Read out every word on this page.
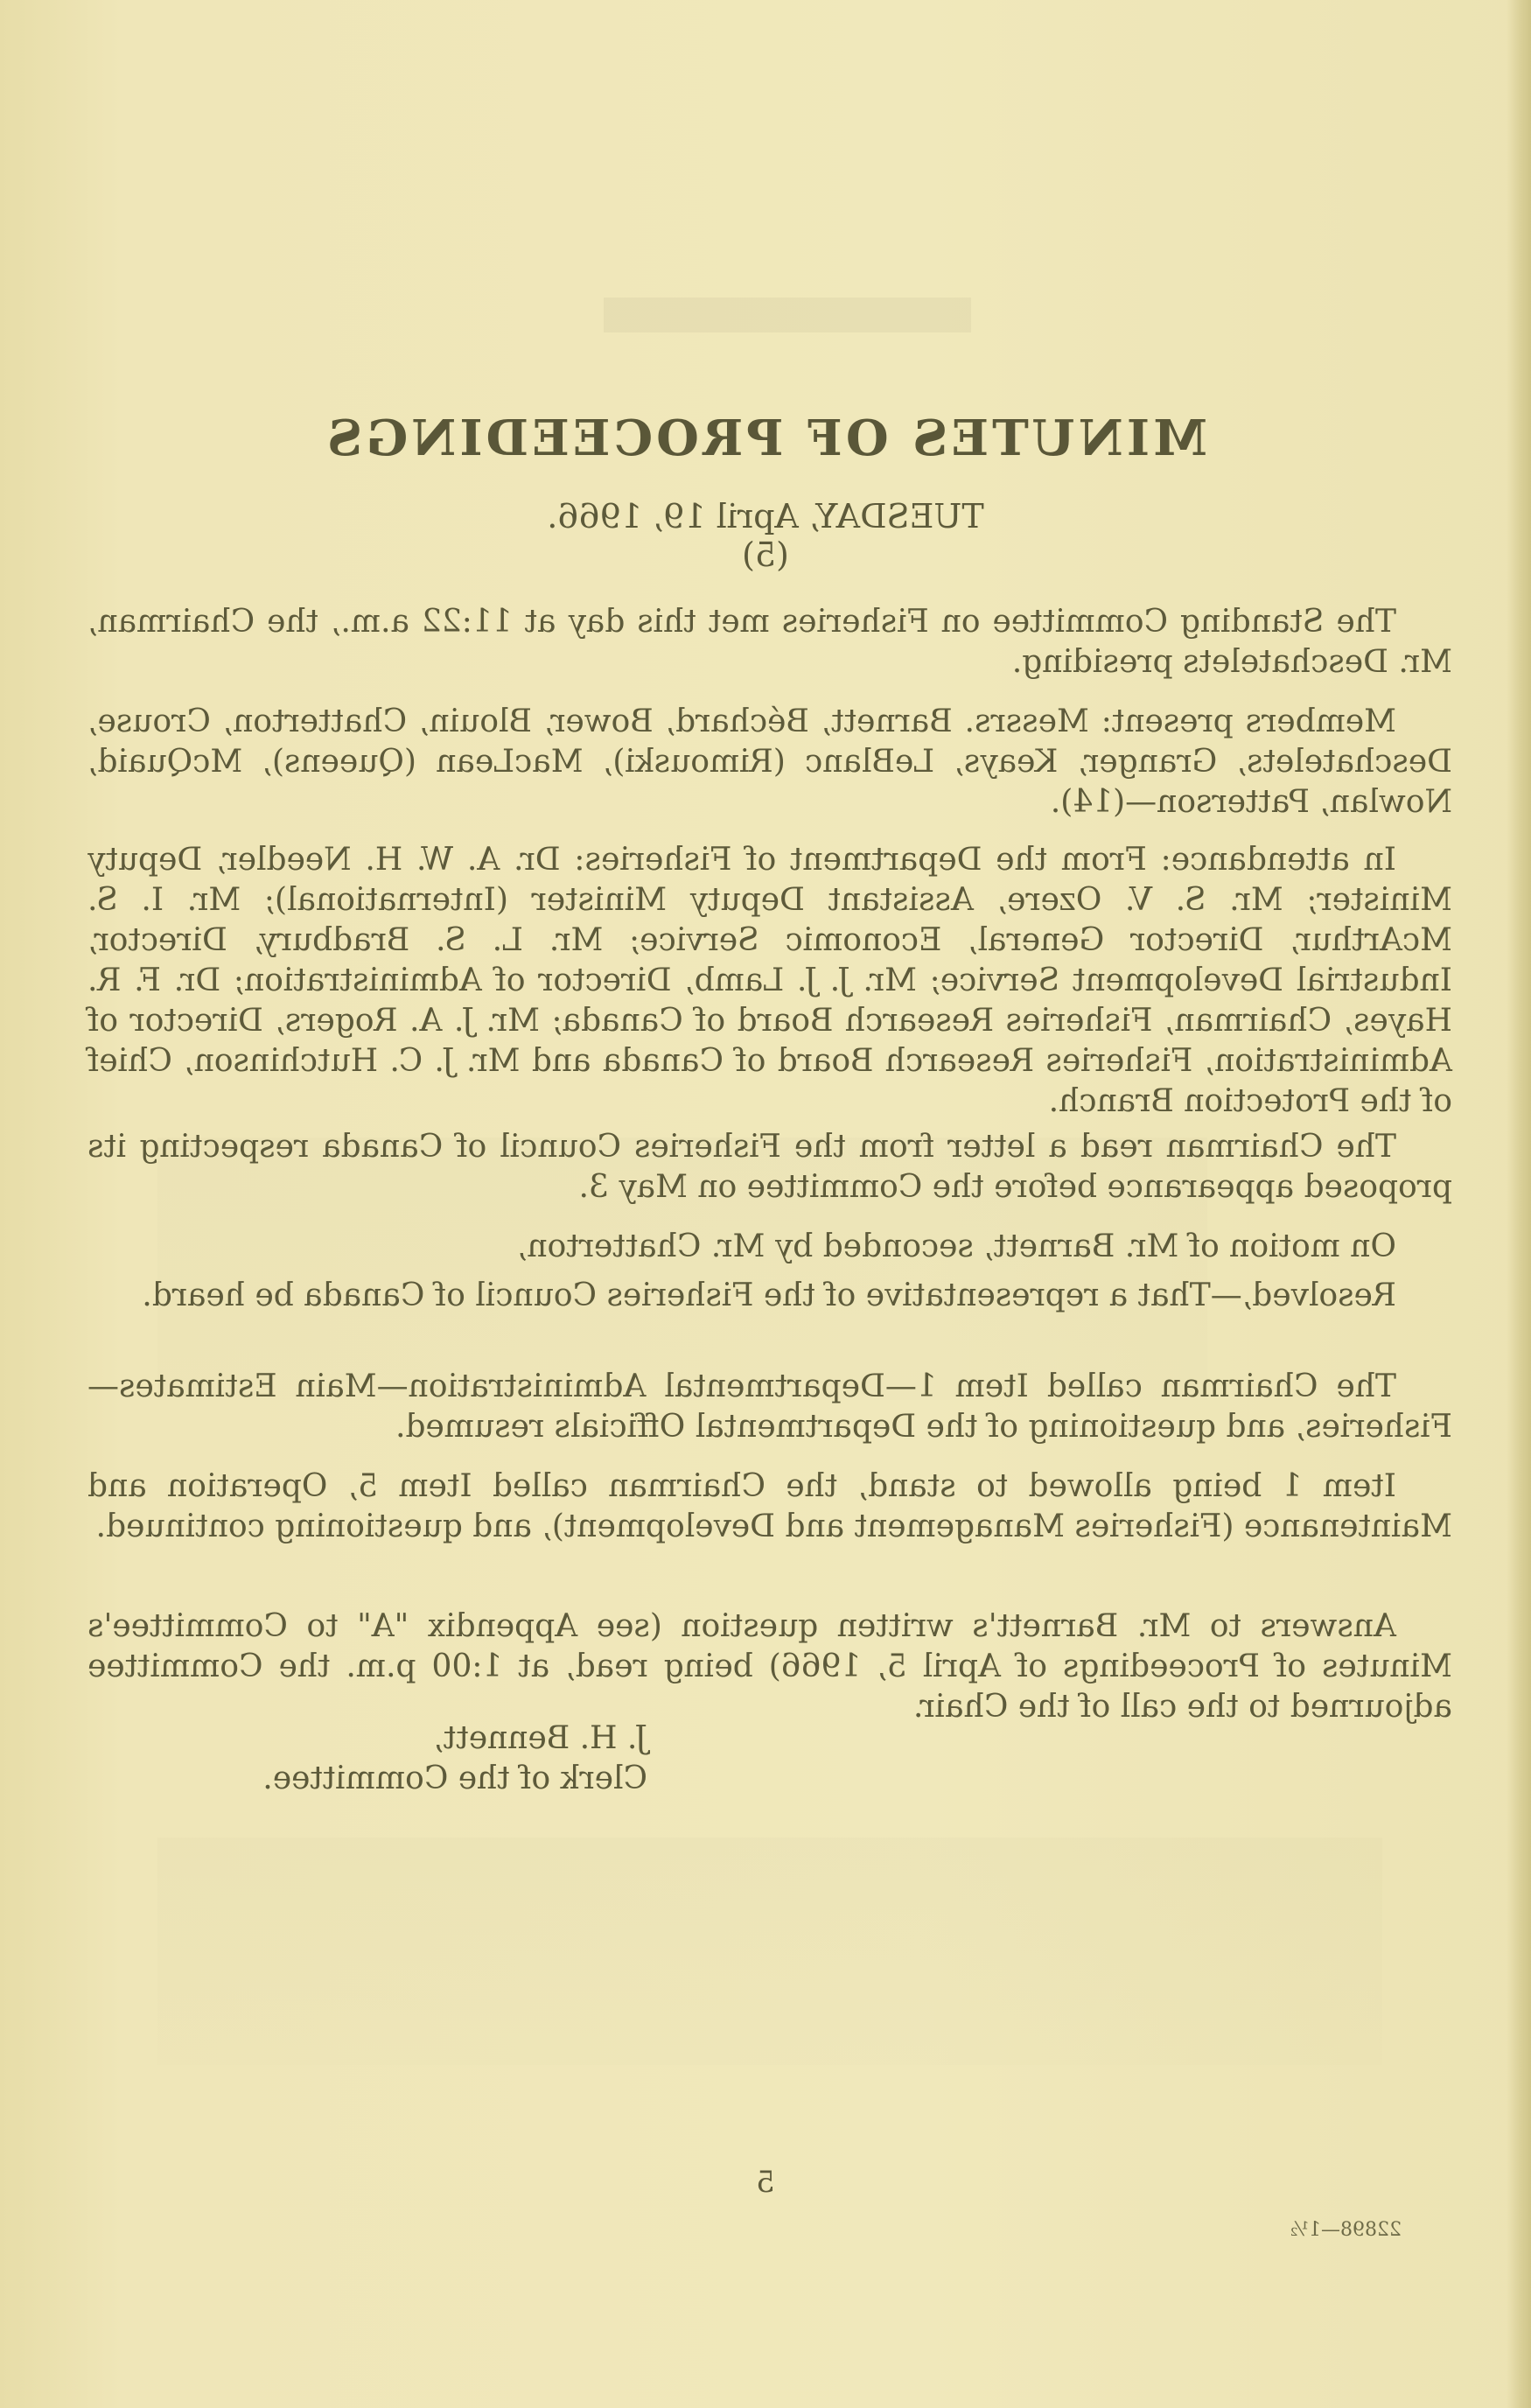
MINUTES OF PROCEEDINGS
TUESDAY, April 19, 1966.
(5)
The Standing Committee on Fisheries met this day at 11:22 a.m., the Chairman, Mr. Deschatelets presiding.
Members present: Messrs. Barnett, Béchard, Bower, Blouin, Chatterton, Crouse, Deschatelets, Granger, Keays, LeBlanc (Rimouski), MacLean (Queens), McQuaid, Nowlan, Patterson—(14).
In attendance: From the Department of Fisheries: Dr. A. W. H. Needler, Deputy Minister; Mr. S. V. Ozere, Assistant Deputy Minister (International); Mr. I. S. McArthur, Director General, Economic Service; Mr. L. S. Bradbury, Director, Industrial Development Service; Mr. J. J. Lamb, Director of Administration; Dr. F. R. Hayes, Chairman, Fisheries Research Board of Canada; Mr. J. A. Rogers, Director of Administration, Fisheries Research Board of Canada and Mr. J. C. Hutchinson, Chief of the Protection Branch.
The Chairman read a letter from the Fisheries Council of Canada respecting its proposed appearance before the Committee on May 3.
On motion of Mr. Barnett, seconded by Mr. Chatterton,
Resolved,—That a representative of the Fisheries Council of Canada be heard.
The Chairman called Item 1—Departmental Administration—Main Estimates—Fisheries, and questioning of the Departmental Officials resumed.
Item 1 being allowed to stand, the Chairman called Item 5, Operation and Maintenance (Fisheries Management and Development), and questioning continued.
Answers to Mr. Barnett's written question (see Appendix "A" to Committee's Minutes of Proceedings of April 5, 1966) being read, at 1:00 p.m. the Committee adjourned to the call of the Chair.
J. H. Bennett,
Clerk of the Committee.
5
22898—1½
